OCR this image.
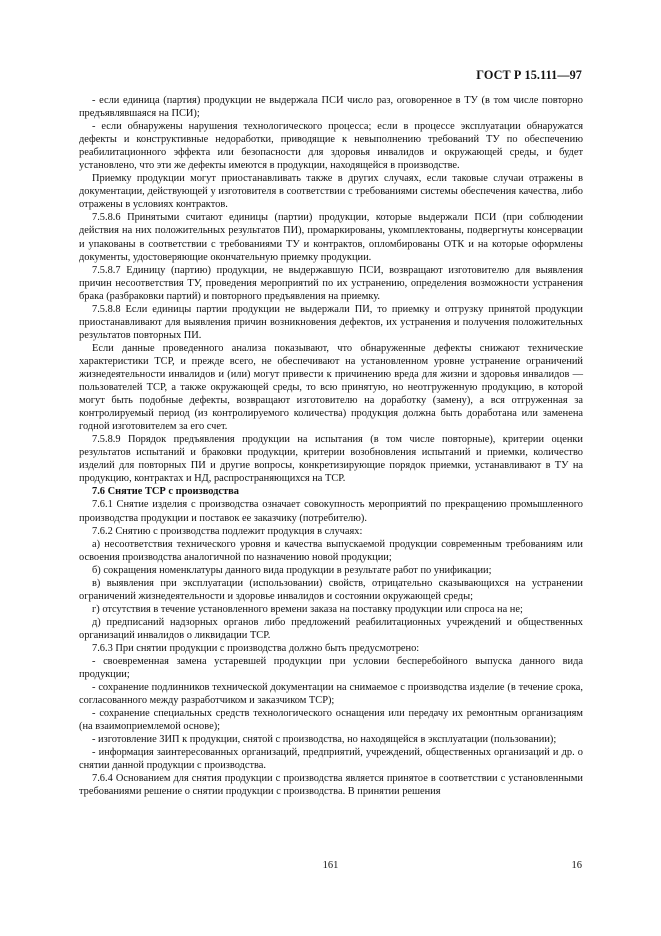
ГОСТ Р 15.111—97

- если единица (партия) продукции не выдержала ПСИ число раз, оговоренное в ТУ (в том числе повторно предъявлявшаяся на ПСИ);

- если обнаружены нарушения технологического процесса; если в процессе эксплуатации обнаружатся дефекты и конструктивные недоработки, приводящие к невыполнению требований ТУ по обеспечению реабилитационного эффекта или безопасности для здоровья инвалидов и окружающей среды, и будет установлено, что эти же дефекты имеются в продукции, находящейся в производстве.

Приемку продукции могут приостанавливать также в других случаях, если таковые случаи отражены в документации, действующей у изготовителя в соответствии с требованиями системы обеспечения качества, либо отражены в условиях контрактов.

7.5.8.6 Принятыми считают единицы (партии) продукции, которые выдержали ПСИ (при соблюдении действия на них положительных результатов ПИ), промаркированы, укомплектованы, подвергнуты консервации и упакованы в соответствии с требованиями ТУ и контрактов, опломбированы ОТК и на которые оформлены документы, удостоверяющие окончательную приемку продукции.

7.5.8.7 Единицу (партию) продукции, не выдержавшую ПСИ, возвращают изготовителю для выявления причин несоответствия ТУ, проведения мероприятий по их устранению, определения возможности устранения брака (разбраковки партий) и повторного предъявления на приемку.

7.5.8.8 Если единицы партии продукции не выдержали ПИ, то приемку и отгрузку принятой продукции приостанавливают для выявления причин возникновения дефектов, их устранения и получения положительных результатов повторных ПИ.

Если данные проведенного анализа показывают, что обнаруженные дефекты снижают технические характеристики ТСР, и прежде всего, не обеспечивают на установленном уровне устранение ограничений жизнедеятельности инвалидов и (или) могут привести к причинению вреда для жизни и здоровья инвалидов — пользователей ТСР, а также окружающей среды, то всю принятую, но неотгруженную продукцию, в которой могут быть подобные дефекты, возвращают изготовителю на доработку (замену), а вся отгруженная за контролируемый период (из контролируемого количества) продукция должна быть доработана или заменена годной изготовителем за его счет.

7.5.8.9 Порядок предъявления продукции на испытания (в том числе повторные), критерии оценки результатов испытаний и браковки продукции, критерии возобновления испытаний и приемки, количество изделий для повторных ПИ и другие вопросы, конкретизирующие порядок приемки, устанавливают в ТУ на продукцию, контрактах и НД, распространяющихся на ТСР.

7.6 Снятие ТСР с производства

7.6.1 Снятие изделия с производства означает совокупность мероприятий по прекращению промышленного производства продукции и поставок ее заказчику (потребителю).

7.6.2 Снятию с производства подлежит продукция в случаях:

а) несоответствия технического уровня и качества выпускаемой продукции современным требованиям или освоения производства аналогичной по назначению новой продукции;

б) сокращения номенклатуры данного вида продукции в результате работ по унификации;

в) выявления при эксплуатации (использовании) свойств, отрицательно сказывающихся на устранении ограничений жизнедеятельности и здоровье инвалидов и состоянии окружающей среды;

г) отсутствия в течение установленного времени заказа на поставку продукции или спроса на не;

д) предписаний надзорных органов либо предложений реабилитационных учреждений и общественных организаций инвалидов о ликвидации ТСР.

7.6.3 При снятии продукции с производства должно быть предусмотрено:

- своевременная замена устаревшей продукции при условии бесперебойного выпуска данного вида продукции;

- сохранение подлинников технической документации на снимаемое с производства изделие (в течение срока, согласованного между разработчиком и заказчиком ТСР);

- сохранение специальных средств технологического оснащения или передачу их ремонтным организациям (на взаимоприемлемой основе);

- изготовление ЗИП к продукции, снятой с производства, но находящейся в эксплуатации (пользовании);

- информация заинтересованных организаций, предприятий, учреждений, общественных организаций и др. о снятии данной продукции с производства.

7.6.4 Основанием для снятия продукции с производства является принятое в соответствии с установленными требованиями решение о снятии продукции с производства. В принятии решения

161	16
